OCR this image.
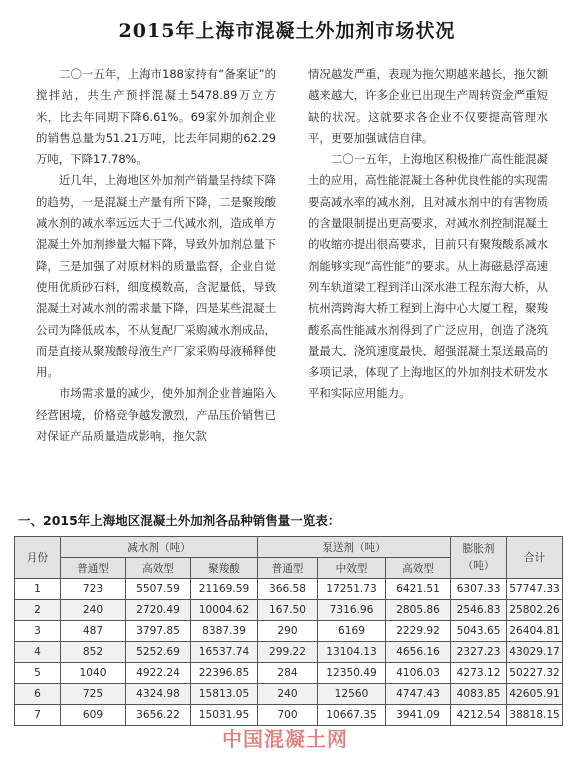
2015年上海市混凝土外加剂市场状况

二〇一五年，上海市188家持有“备案证”的搅拌站，共生产预拌混凝土5478.89万立方米，比去年同期下降6.61%。69家外加剂企业的销售总量为51.21万吨，比去年同期的62.29万吨，下降17.78%。

近几年，上海地区外加剂产销量呈持续下降的趋势，一是混凝土产量有所下降，二是聚羧酸减水剂的减水率远远大于二代减水剂，造成单方混凝土外加剂掺量大幅下降，导致外加剂总量下降，三是加强了对原材料的质量监督，企业自觉使用优质砂石料，细度模数高，含泥量低，导致混凝土对减水剂的需求量下降，四是某些混凝土公司为降低成本，不从复配厂采购减水剂成品，而是直接从聚羧酸母液生产厂家采购母液稀释使用。

市场需求量的减少，使外加剂企业普遍陷入经营困境，价格竞争越发激烈，产品压价销售已对保证产品质量造成影响，拖欠款

情况越发严重，表现为拖欠期越来越长，拖欠额越来越大，许多企业已出现生产周转资金严重短缺的状况。这就要求各企业不仅要提高管理水平，更要加强诚信自律。

二〇一五年，上海地区积极推广高性能混凝土的应用，高性能混凝土各种优良性能的实现需要高减水率的减水剂，且对减水剂中的有害物质的含量限制提出更高要求，对减水剂控制混凝土的收缩亦提出很高要求，目前只有聚羧酸系减水剂能够实现“高性能”的要求。从上海磁悬浮高速列车轨道梁工程到洋山深水港工程东海大桥，从杭州湾跨海大桥工程到上海中心大厦工程，聚羧酸系高性能减水剂得到了广泛应用，创造了浇筑量最大、浇筑速度最快、超强混凝土泵送最高的多项记录，体现了上海地区的外加剂技术研发水平和实际应用能力。

一、2015年上海地区混凝土外加剂各品种销售量一览表：
月份	减水剂（吨）			泵送剂（吨）			膨胀剂（吨）	合计
	普通型	高效型	聚羧酸	普通型	中效型	高效型		
1	723	5507.59	21169.59	366.58	17251.73	6421.51	6307.33	57747.33
2	240	2720.49	10004.62	167.50	7316.96	2805.86	2546.83	25802.26
3	487	3797.85	8387.39	290	6169	2229.92	5043.65	26404.81
4	852	5252.69	16537.74	299.22	13104.13	4656.16	2327.23	43029.17
5	1040	4922.24	22396.85	284	12350.49	4106.03	4273.12	50227.32
6	725	4324.98	15813.05	240	12560	4747.43	4083.85	42605.91
7	609	3656.22	15031.95	700	10667.35	3941.09	4212.54	38818.15
中国混凝土网
